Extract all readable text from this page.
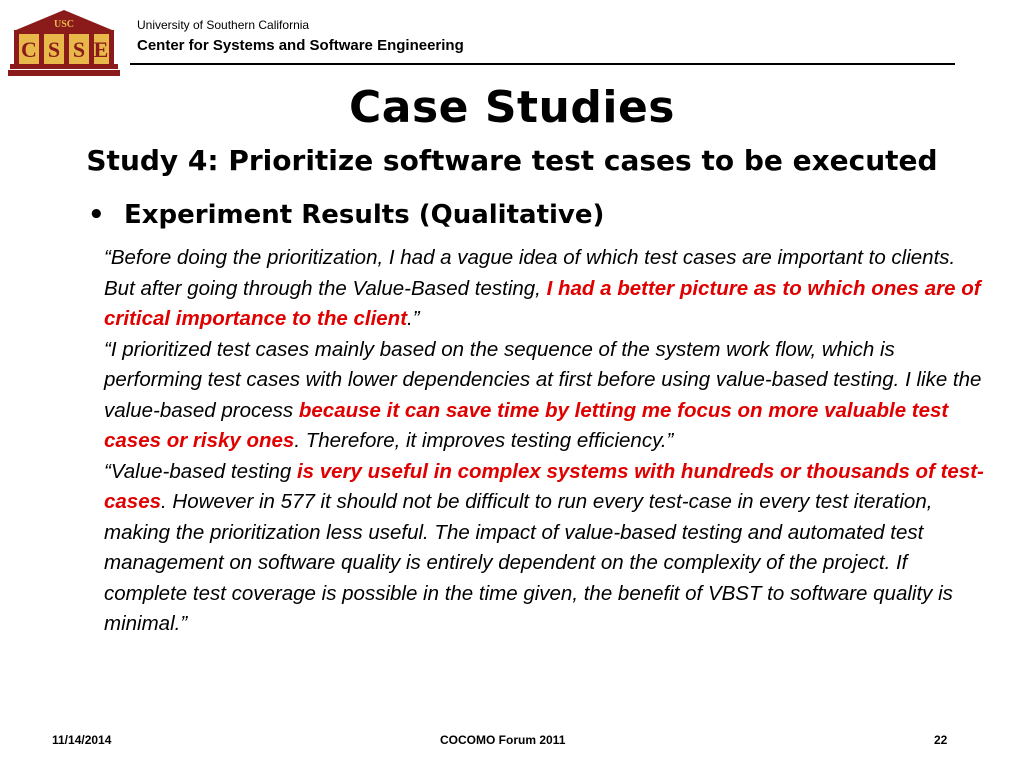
USC
C S S E
University of Southern California
Center for Systems and Software Engineering
Case Studies
Study 4: Prioritize software test cases to be executed
• Experiment Results (Qualitative)

“Before doing the prioritization, I had a vague idea of which test cases are important to clients. But after going through the Value-Based testing, I had a better picture as to which ones are of critical importance to the client.”

“I prioritized test cases mainly based on the sequence of the system work flow, which is performing test cases with lower dependencies at first before using value-based testing. I like the value-based process because it can save time by letting me focus on more valuable test cases or risky ones. Therefore, it improves testing efficiency.”

“Value-based testing is very useful in complex systems with hundreds or thousands of test-cases. However in 577 it should not be difficult to run every test-case in every test iteration, making the prioritization less useful. The impact of value-based testing and automated test management on software quality is entirely dependent on the complexity of the project. If complete test coverage is possible in the time given, the benefit of VBST to software quality is minimal.”

11/14/2014	COCOMO Forum 2011	22
